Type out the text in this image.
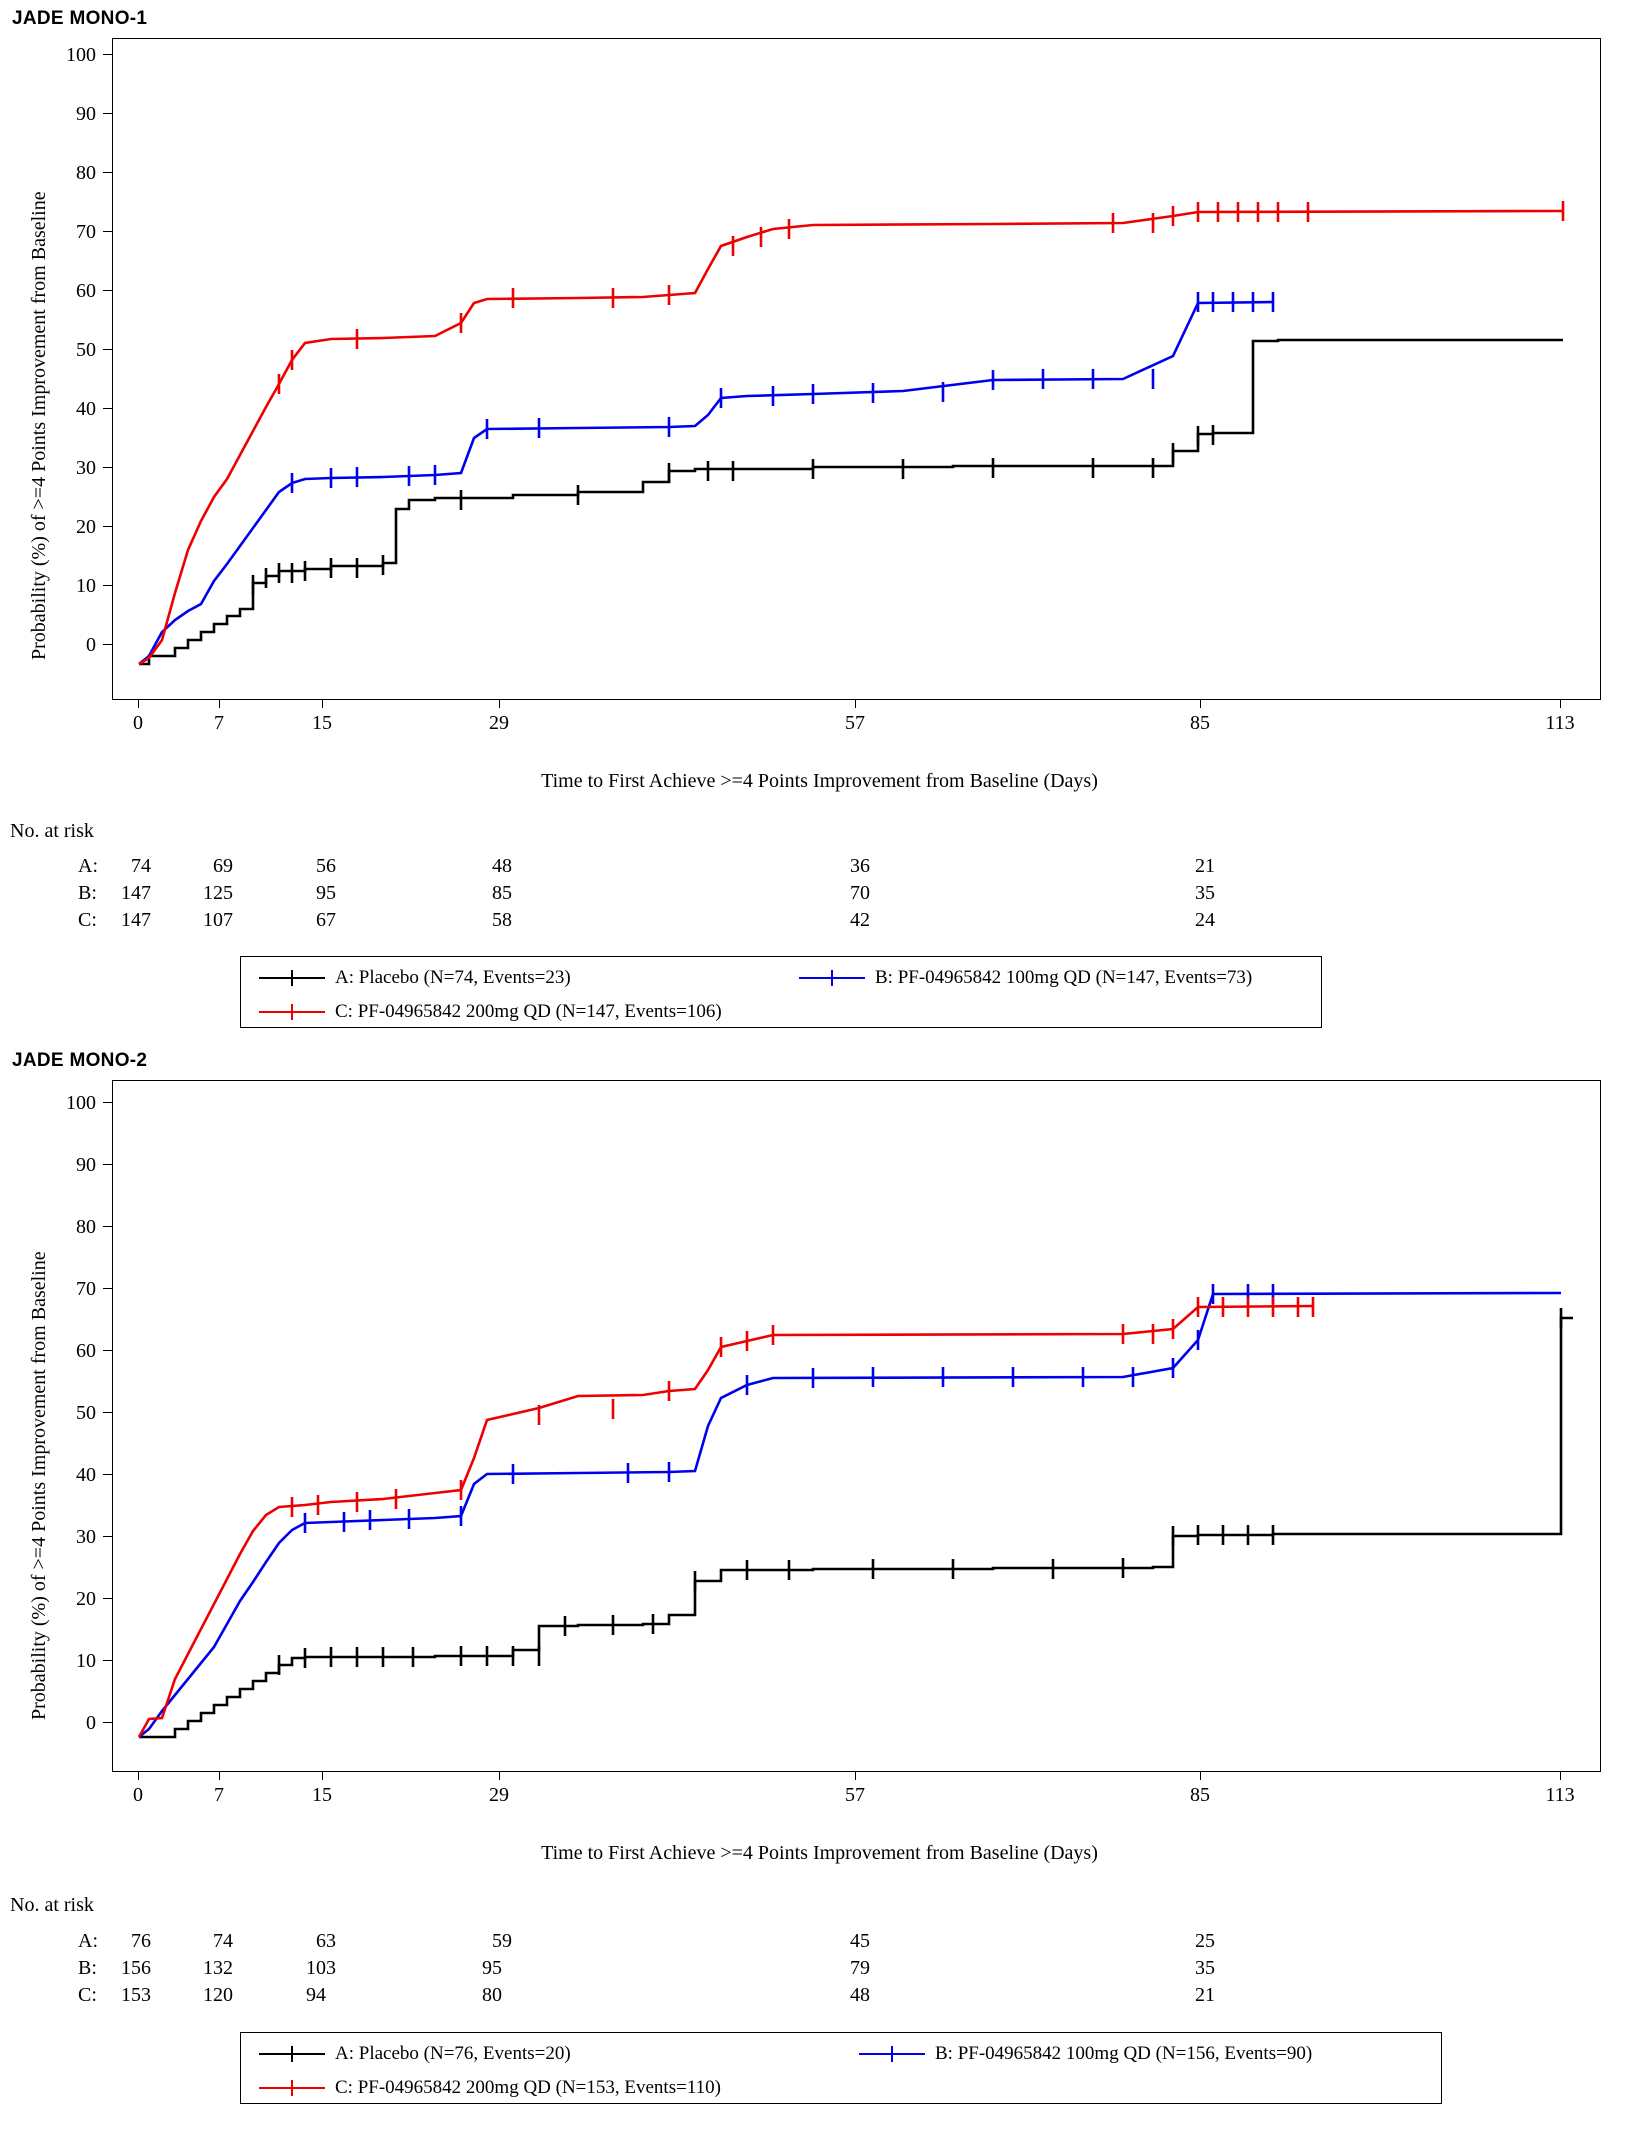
JADE MONO-1
100
90
80
70
60
50
40
30
20
10
0
0	7	15	29	57	85	113
Probability (%) of >=4 Points Improvement from Baseline
Time to First Achieve >=4 Points Improvement from Baseline (Days)
No. at risk
A:	74	69	56	48	36	21
B:	147	125	95	85	70	35
C:	147	107	67	58	42	24
A: Placebo (N=74, Events=23)	B: PF-04965842 100mg QD (N=147, Events=73)
C: PF-04965842 200mg QD (N=147, Events=106)
JADE MONO-2
100
90
80
70
60
50
40
30
20
10
0
0	7	15	29	57	85	113
Probability (%) of >=4 Points Improvement from Baseline
Time to First Achieve >=4 Points Improvement from Baseline (Days)
No. at risk
A:	76	74	63	59	45	25
B:	156	132	103	95	79	35
C:	153	120	94	80	48	21
A: Placebo (N=76, Events=20)	B: PF-04965842 100mg QD (N=156, Events=90)
C: PF-04965842 200mg QD (N=153, Events=110)
